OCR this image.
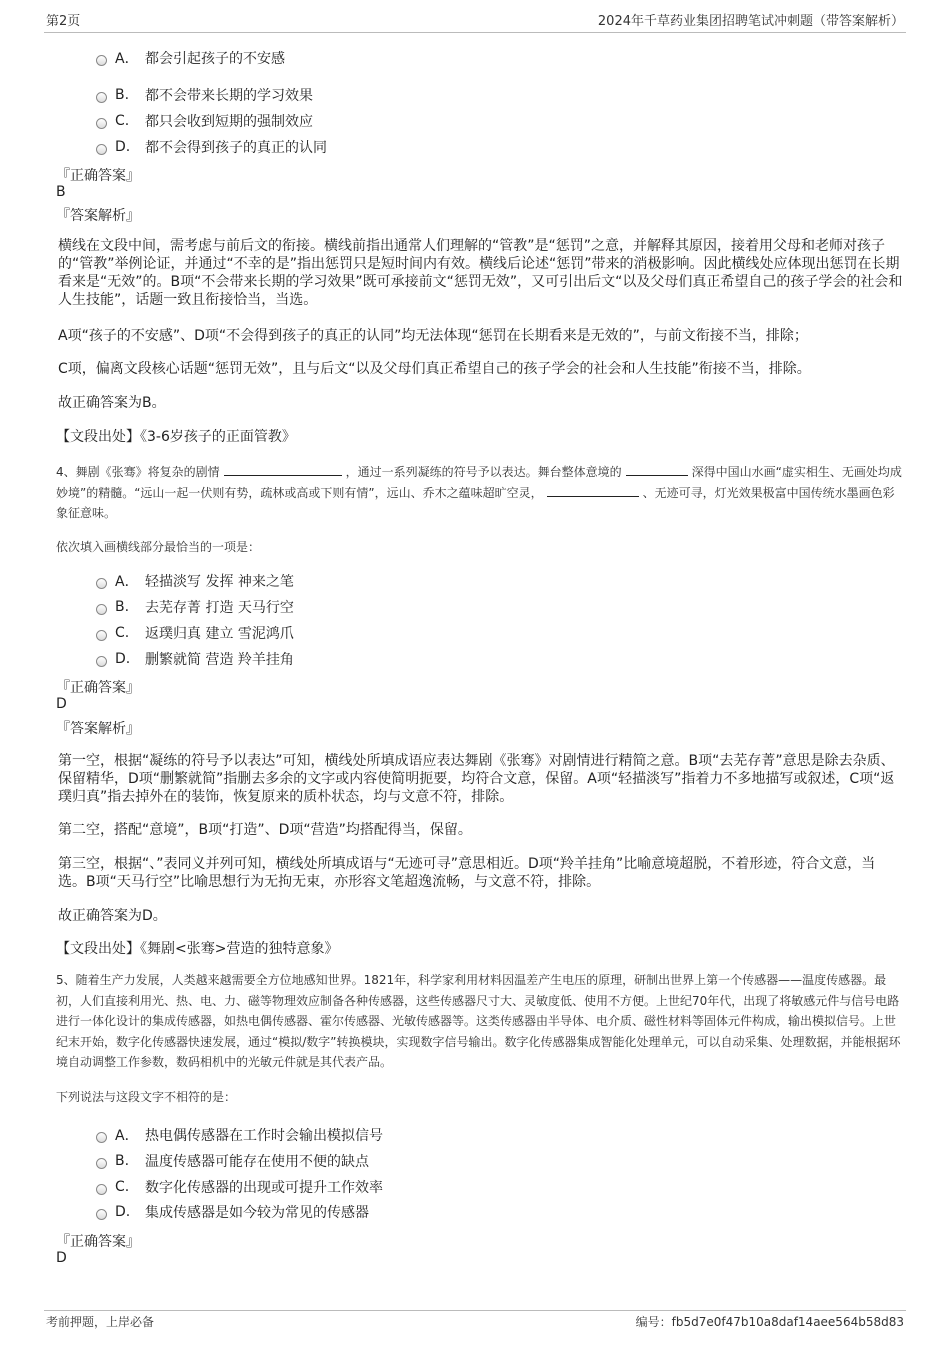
第2页	2024年千草药业集团招聘笔试冲刺题（带答案解析）
A． 都会引起孩子的不安感
B.	都不会带来长期的学习效果
C.	都只会收到短期的强制效应
D.	都不会得到孩子的真正的认同
『正确答案』
B
『答案解析』
横线在文段中间，需考虑与前后文的衔接。横线前指出通常人们理解的“管教”是“惩罚”之意，并解释其原因，接着用父母和老师对孩子的“管教”举例论证，并通过“不幸的是”指出惩罚只是短时间内有效。横线后论述“惩罚”带来的消极影响。因此横线处应体现出惩罚在长期看来是“无效”的。B项“不会带来长期的学习效果”既可承接前文“惩罚无效”，又可引出后文“以及父母们真正希望自己的孩子学会的社会和人生技能”，话题一致且衔接恰当，当选。
A项“孩子的不安感”、D项“不会得到孩子的真正的认同”均无法体现“惩罚在长期看来是无效的”，与前文衔接不当，排除；
C项，偏离文段核心话题“惩罚无效”，且与后文“以及父母们真正希望自己的孩子学会的社会和人生技能”衔接不当，排除。
故正确答案为B。
【文段出处】《3-6岁孩子的正面管教》
4、舞剧《张骞》将复杂的剧情	，通过一系列凝练的符号予以表达。舞台整体意境的	深得中国山水画“虚实相生、无画处均成妙境”的精髓。“远山一起一伏则有势，疏林或高或下则有情”，远山、乔木之蕴味超旷空灵，	、无迹可寻，灯光效果极富中国传统水墨画色彩象征意味。
依次填入画横线部分最恰当的一项是：
A． 轻描淡写 发挥 神来之笔
B.	去芜存菁 打造 天马行空
C.	返璞归真 建立 雪泥鸿爪
D.	删繁就简 营造 羚羊挂角
『正确答案』
D
『答案解析』
第一空，根据“凝练的符号予以表达”可知，横线处所填成语应表达舞剧《张骞》对剧情进行精简之意。B项“去芜存菁”意思是除去杂质、保留精华，D项“删繁就简”指删去多余的文字或内容使简明扼要，均符合文意，保留。A项“轻描淡写”指着力不多地描写或叙述，C项“返璞归真”指去掉外在的装饰，恢复原来的质朴状态，均与文意不符，排除。
第二空，搭配“意境”，B项“打造”、D项“营造”均搭配得当，保留。
第三空，根据“、”表同义并列可知，横线处所填成语与“无迹可寻”意思相近。D项“羚羊挂角”比喻意境超脱，不着形迹，符合文意，当选。B项“天马行空”比喻思想行为无拘无束，亦形容文笔超逸流畅，与文意不符，排除。
故正确答案为D。
【文段出处】《舞剧<张骞>营造的独特意象》
5、随着生产力发展，人类越来越需要全方位地感知世界。1821年，科学家利用材料因温差产生电压的原理，研制出世界上第一个传感器——温度传感器。最初，人们直接利用光、热、电、力、磁等物理效应制备各种传感器，这些传感器尺寸大、灵敏度低、使用不方便。上世纪70年代，出现了将敏感元件与信号电路进行一体化设计的集成传感器，如热电偶传感器、霍尔传感器、光敏传感器等。这类传感器由半导体、电介质、磁性材料等固体元件构成，输出模拟信号。上世纪末开始，数字化传感器快速发展，通过“模拟/数字”转换模块，实现数字信号输出。数字化传感器集成智能化处理单元，可以自动采集、处理数据，并能根据环境自动调整工作参数，数码相机中的光敏元件就是其代表产品。
下列说法与这段文字不相符的是：
A． 热电偶传感器在工作时会输出模拟信号
B.	温度传感器可能存在使用不便的缺点
C.	数字化传感器的出现或可提升工作效率
D.	集成传感器是如今较为常见的传感器
『正确答案』
D
考前押题，上岸必备	编号：fb5d7e0f47b10a8daf14aee564b58d83
